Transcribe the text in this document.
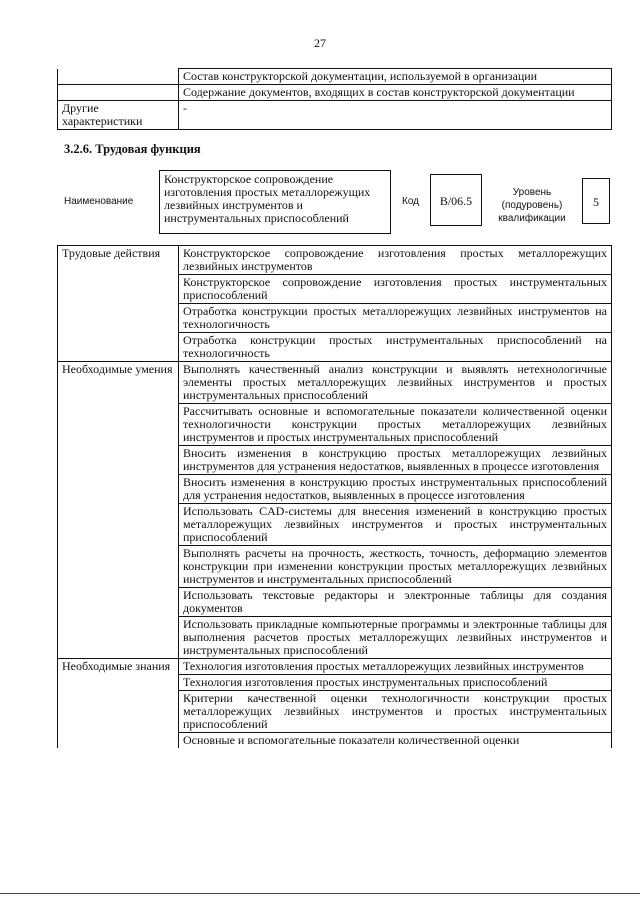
27
	Состав конструкторской документации, используемой в организации
	Содержание документов, входящих в состав конструкторской документации
Другие характеристики	-
3.2.6. Трудовая функция
Наименование
Конструкторское сопровождение изготовления простых металлорежущих лезвийных инструментов и инструментальных приспособлений
Код	В/06.5
Уровень (подуровень) квалификации
5
Трудовые действия	Конструкторское сопровождение изготовления простых металлорежущих лезвийных инструментов
	Конструкторское сопровождение изготовления простых инструментальных приспособлений
	Отработка конструкции простых металлорежущих лезвийных инструментов на технологичность
	Отработка конструкции простых инструментальных приспособлений на технологичность
Необходимые умения	Выполнять качественный анализ конструкции и выявлять нетехнологичные элементы простых металлорежущих лезвийных инструментов и простых инструментальных приспособлений
	Рассчитывать основные и вспомогательные показатели количественной оценки технологичности конструкции простых металлорежущих лезвийных инструментов и простых инструментальных приспособлений
	Вносить изменения в конструкцию простых металлорежущих лезвийных инструментов для устранения недостатков, выявленных в процессе изготовления
	Вносить изменения в конструкцию простых инструментальных приспособлений для устранения недостатков, выявленных в процессе изготовления
	Использовать CAD-системы для внесения изменений в конструкцию простых металлорежущих лезвийных инструментов и простых инструментальных приспособлений
	Выполнять расчеты на прочность, жесткость, точность, деформацию элементов конструкции при изменении конструкции простых металлорежущих лезвийных инструментов и инструментальных приспособлений
	Использовать текстовые редакторы и электронные таблицы для создания документов
	Использовать прикладные компьютерные программы и электронные таблицы для выполнения расчетов простых металлорежущих лезвийных инструментов и инструментальных приспособлений
Необходимые знания	Технология изготовления простых металлорежущих лезвийных инструментов
	Технология изготовления простых инструментальных приспособлений
	Критерии качественной оценки технологичности конструкции простых металлорежущих лезвийных инструментов и простых инструментальных приспособлений
	Основные и вспомогательные показатели количественной оценки
